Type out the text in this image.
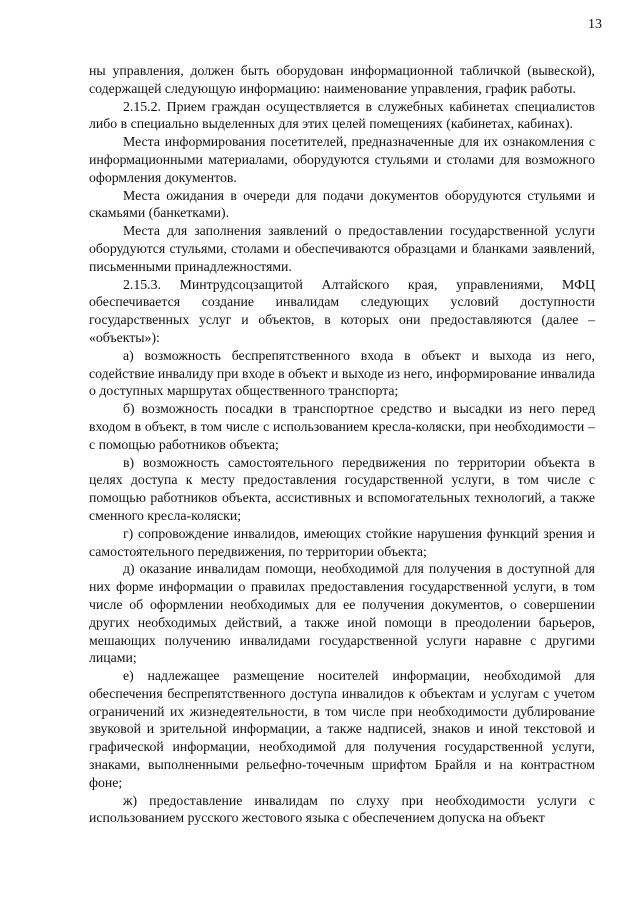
13

ны управления, должен быть оборудован информационной табличкой (вывеской), содержащей следующую информацию: наименование управления, график работы.

2.15.2. Прием граждан осуществляется в служебных кабинетах специалистов либо в специально выделенных для этих целей помещениях (кабинетах, кабинах).

Места информирования посетителей, предназначенные для их ознакомления с информационными материалами, оборудуются стульями и столами для возможного оформления документов.

Места ожидания в очереди для подачи документов оборудуются стульями и скамьями (банкетками).

Места для заполнения заявлений о предоставлении государственной услуги оборудуются стульями, столами и обеспечиваются образцами и бланками заявлений, письменными принадлежностями.

2.15.3. Минтрудсоцзащитой Алтайского края, управлениями, МФЦ обеспечивается создание инвалидам следующих условий доступности государственных услуг и объектов, в которых они предоставляются (далее – «объекты»):

а) возможность беспрепятственного входа в объект и выхода из него, содействие инвалиду при входе в объект и выходе из него, информирование инвалида о доступных маршрутах общественного транспорта;

б) возможность посадки в транспортное средство и высадки из него перед входом в объект, в том числе с использованием кресла-коляски, при необходимости – с помощью работников объекта;

в) возможность самостоятельного передвижения по территории объекта в целях доступа к месту предоставления государственной услуги, в том числе с помощью работников объекта, ассистивных и вспомогательных технологий, а также сменного кресла-коляски;

г) сопровождение инвалидов, имеющих стойкие нарушения функций зрения и самостоятельного передвижения, по территории объекта;

д) оказание инвалидам помощи, необходимой для получения в доступной для них форме информации о правилах предоставления государственной услуги, в том числе об оформлении необходимых для ее получения документов, о совершении других необходимых действий, а также иной помощи в преодолении барьеров, мешающих получению инвалидами государственной услуги наравне с другими лицами;

е) надлежащее размещение носителей информации, необходимой для обеспечения беспрепятственного доступа инвалидов к объектам и услугам с учетом ограничений их жизнедеятельности, в том числе при необходимости дублирование звуковой и зрительной информации, а также надписей, знаков и иной текстовой и графической информации, необходимой для получения государственной услуги, знаками, выполненными рельефно-точечным шрифтом Брайля и на контрастном фоне;

ж) предоставление инвалидам по слуху при необходимости услуги с использованием русского жестового языка с обеспечением допуска на объект
